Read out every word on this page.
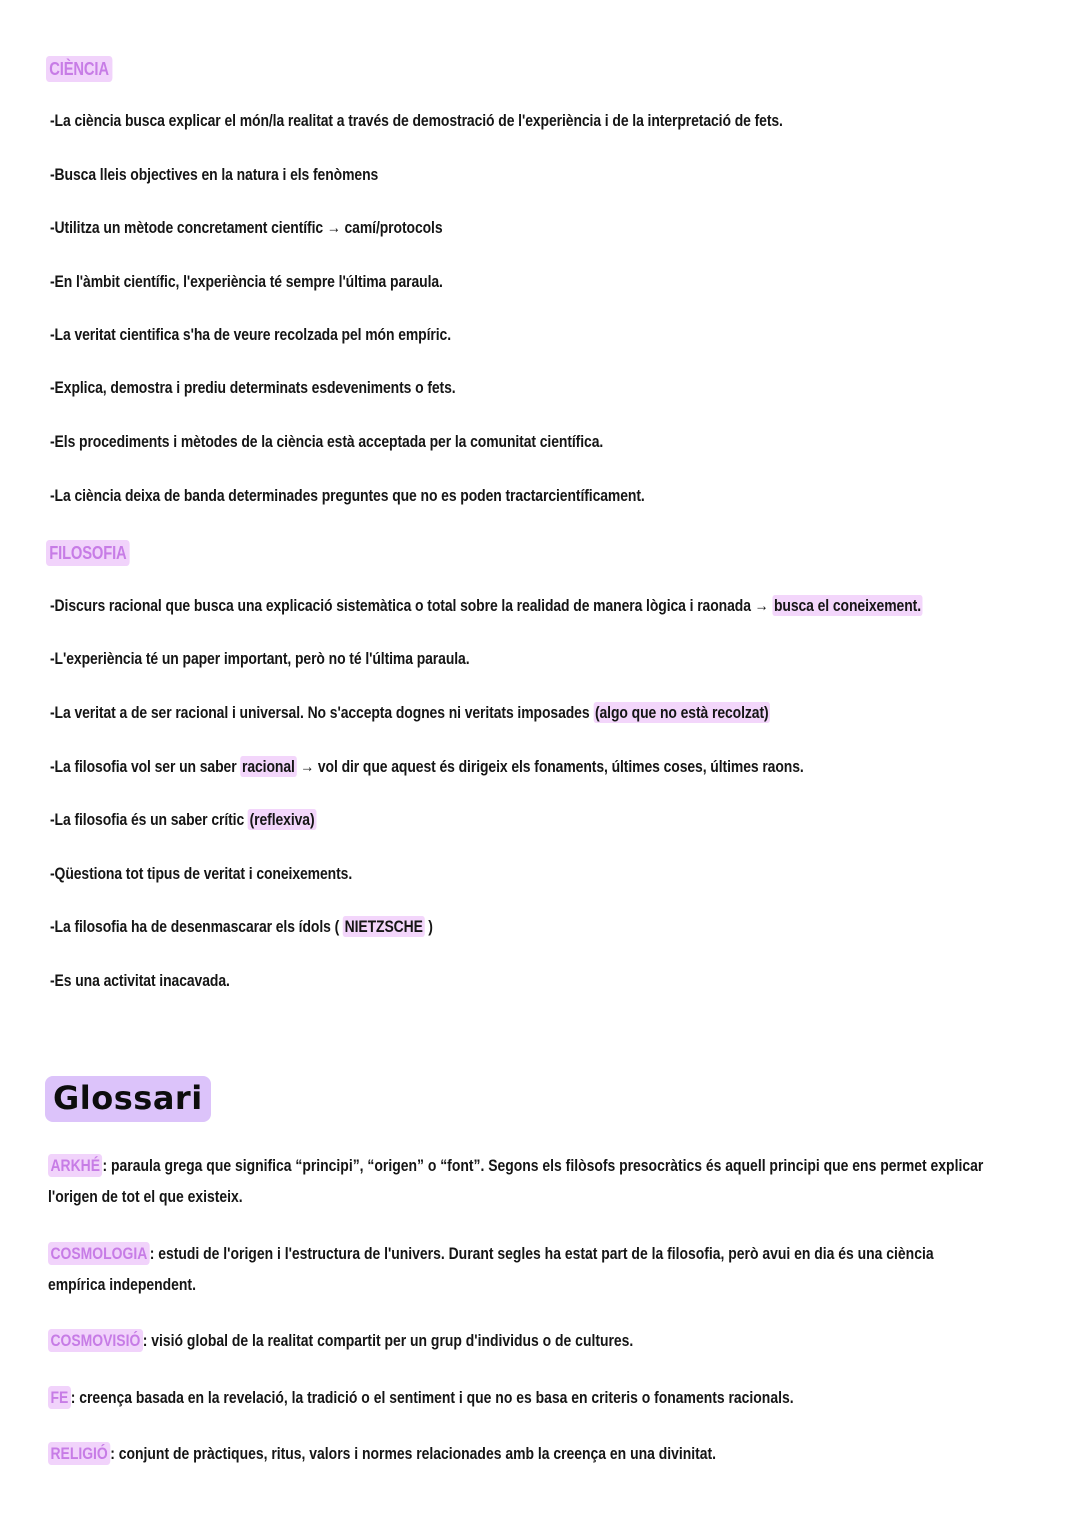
CIÈNCIA
-La ciència busca explicar el món/la realitat a través de demostració de l'experiència i de la interpretació de fets.
-Busca lleis objectives en la natura i els fenòmens
-Utilitza un mètode concretament científic → camí/protocols
-En l'àmbit científic, l'experiència té sempre l'última paraula.
-La veritat cientifica s'ha de veure recolzada pel món empíric.
-Explica, demostra i prediu determinats esdeveniments o fets.
-Els procediments i mètodes de la ciència està acceptada per la comunitat científica.
-La ciència deixa de banda determinades preguntes que no es poden tractarcientíficament.
FILOSOFIA
-Discurs racional que busca una explicació sistemàtica o total sobre la realidad de manera lògica i raonada → busca el coneixement.
-L'experiència té un paper important, però no té l'última paraula.
-La veritat a de ser racional i universal. No s'accepta dognes ni veritats imposades (algo que no està recolzat)
-La filosofia vol ser un saber racional → vol dir que aquest és dirigeix els fonaments, últimes coses, últimes raons.
-La filosofia és un saber crític (reflexiva)
-Qüestiona tot tipus de veritat i coneixements.
-La filosofia ha de desenmascarar els ídols ( NIETZSCHE )
-Es una activitat inacavada.
Glossari
ARKHÉ : paraula grega que significa “principi”, “origen” o “font”. Segons els filòsofs presocràtics és aquell principi que ens permet explicar l'origen de tot el que existeix.
COSMOLOGIA : estudi de l'origen i l'estructura de l'univers. Durant segles ha estat part de la filosofia, però avui en dia és una ciència empírica independent.
COSMOVISIÓ : visió global de la realitat compartit per un grup d'individus o de cultures.
FE : creença basada en la revelació, la tradició o el sentiment i que no es basa en criteris o fonaments racionals.
RELIGIÓ : conjunt de pràctiques, ritus, valors i normes relacionades amb la creença en una divinitat.
